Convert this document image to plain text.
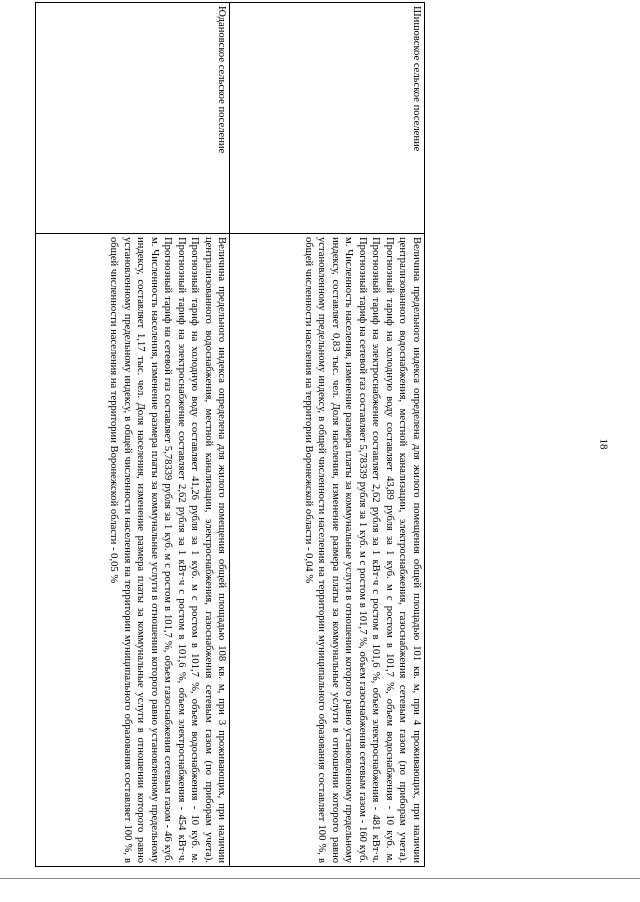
18
Шишовское сельское поселение	Величина предельного индекса определена для жилого помещения общей площадью 101 кв. м, при 4 проживающих, при наличии централизованного водоснабжения, местной канализации, электроснабжения, газоснабжения сетевым газом (по приборам учета). Прогнозный тариф на холодную воду составляет 43,89 рубля за 1 куб. м с ростом в 101,7 %, объем водоснабжения - 10 куб. м. Прогнозный тариф на электроснабжение составляет 2,62 рубля за 1 кВт·ч с ростом в 101,6 %, объем электроснабжения - 481 кВт·ч. Прогнозный тариф на сетевой газ составляет 5,78339 рубля за 1 куб. м с ростом в 101,7 %, объем газоснабжения сетевым газом - 160 куб. м. Численность населения, изменение размера платы за коммунальные услуги в отношении которого равно установленному предельному индексу, составляет 0,83 тыс. чел. Доля населения, изменение размера платы за коммунальные услуги в отношении которого равно установленному предельному индексу, в общей численности населения на территории муниципального образования составляет 100 %, в общей численности населения на территории Воронежской области - 0,04 %
Юдановское сельское поселение	Величина предельного индекса определена для жилого помещения общей площадью 108 кв. м, при 3 проживающих, при наличии централизованного водоснабжения, местной канализации, электроснабжения, газоснабжения сетевым газом (по приборам учета). Прогнозный тариф на холодную воду составляет 41,26 рубля за 1 куб. м с ростом в 101,7 %, объем водоснабжения - 10 куб. м. Прогнозный тариф на электроснабжение составляет 2,62 рубля за 1 кВт·ч с ростом в 101,6 %, объем электроснабжения - 454 кВт·ч. Прогнозный тариф на сетевой газ составляет 5,78339 рубля за 1 куб. м с ростом в 101,7 %, объем газоснабжения сетевым газом - 46 куб. м. Численность населения, изменение размера платы за коммунальные услуги в отношении которого равно установленному предельному индексу, составляет 1,17 тыс. чел. Доля населения, изменение размера платы за коммунальные услуги в отношении которого равно установленному предельному индексу, в общей численности населения на территории муниципального образования составляет 100 %, в общей численности населения на территории Воронежской области - 0,05 %
